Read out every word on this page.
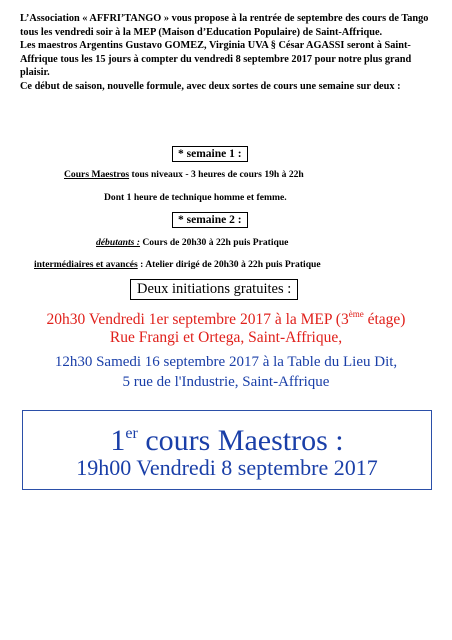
L’Association « AFFRI’TANGO » vous propose à la rentrée de septembre des cours de Tango tous les vendredi soir à la MEP (Maison d’Education Populaire) de Saint-Affrique.

Les maestros Argentins Gustavo GOMEZ, Virginia UVA § César AGASSI seront à Saint-Affrique tous les 15 jours à compter du vendredi 8 septembre 2017 pour notre plus grand plaisir.

Ce début de saison, nouvelle formule, avec deux sortes de cours une semaine sur deux :

* semaine 1 :
Cours Maestros tous niveaux - 3 heures de cours 19h à 22h
Dont 1 heure de technique homme et femme.
* semaine 2 :
débutants : Cours de 20h30 à 22h puis Pratique
intermédiaires et avancés : Atelier dirigé de 20h30 à 22h puis Pratique
Deux initiations gratuites :
20h30 Vendredi 1er septembre 2017 à la MEP (3ème étage)
Rue Frangi et Ortega, Saint-Affrique,
12h30 Samedi 16 septembre 2017 à la Table du Lieu Dit,
5 rue de l'Industrie, Saint-Affrique
1er cours Maestros :
19h00 Vendredi 8 septembre 2017
